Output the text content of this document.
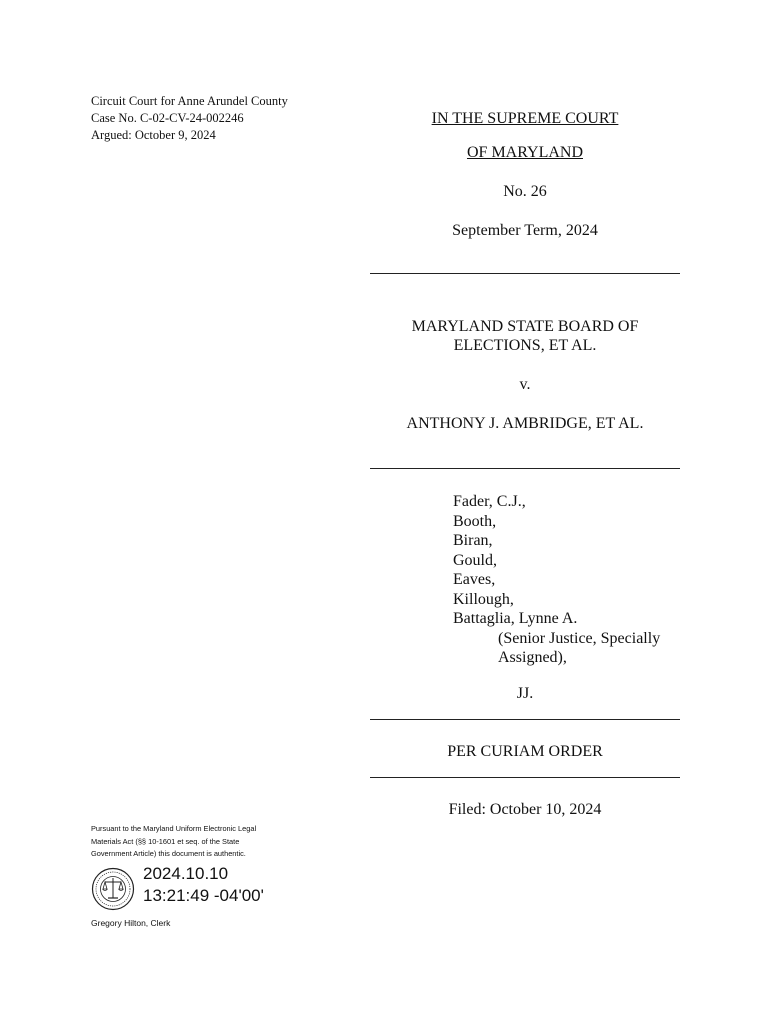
Circuit Court for Anne Arundel County
Case No. C-02-CV-24-002246
Argued: October 9, 2024
IN THE SUPREME COURT
OF MARYLAND
No. 26
September Term, 2024
MARYLAND STATE BOARD OF
ELECTIONS, ET AL.
v.
ANTHONY J. AMBRIDGE, ET AL.
Fader, C.J.,
Booth,
Biran,
Gould,
Eaves,
Killough,
Battaglia, Lynne A.
(Senior Justice, Specially
Assigned),
JJ.
PER CURIAM ORDER
Filed: October 10, 2024
Pursuant to the Maryland Uniform Electronic Legal
Materials Act (§§ 10-1601 et seq. of the State
Government Article) this document is authentic.
2024.10.10
13:21:49 -04'00'
Gregory Hilton, Clerk
